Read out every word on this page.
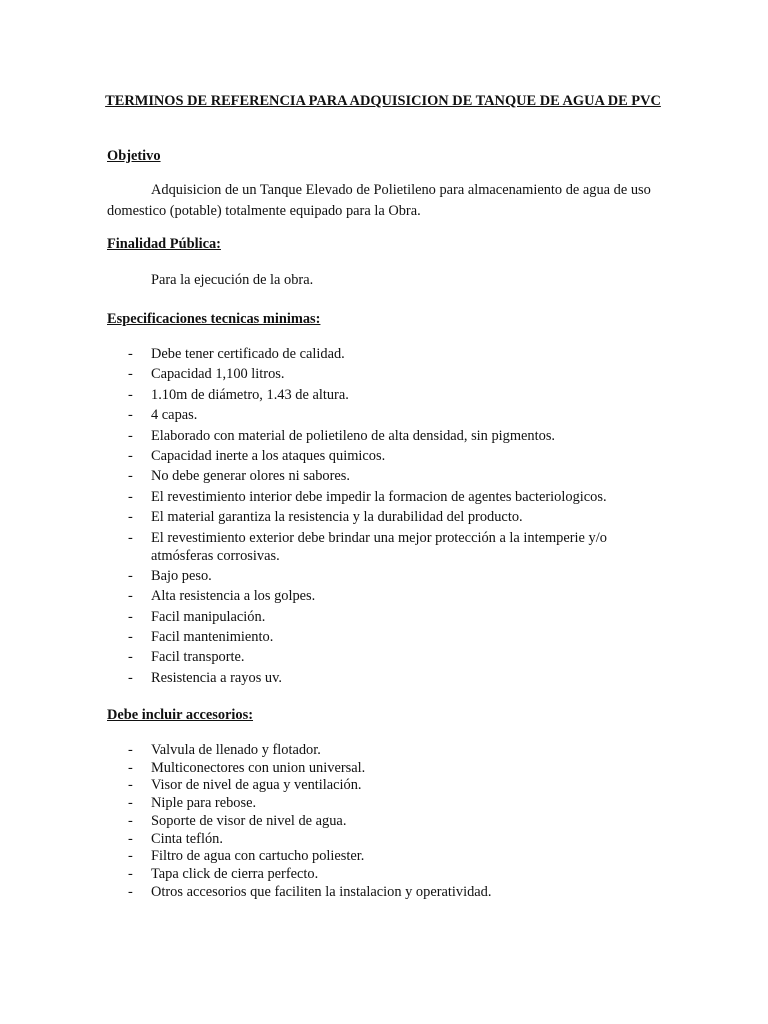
TERMINOS DE REFERENCIA PARA ADQUISICION DE TANQUE DE AGUA DE PVC
Objetivo
Adquisicion de un Tanque Elevado de Polietileno para almacenamiento de agua de uso domestico (potable) totalmente equipado para la Obra.
Finalidad Pública:
Para la ejecución de la obra.
Especificaciones tecnicas minimas:
- Debe tener certificado de calidad.
- Capacidad 1,100 litros.
- 1.10m de diámetro, 1.43 de altura.
- 4 capas.
- Elaborado con material de polietileno de alta densidad, sin pigmentos.
- Capacidad inerte a los ataques quimicos.
- No debe generar olores ni sabores.
- El revestimiento interior debe impedir la formacion de agentes bacteriologicos.
- El material garantiza la resistencia y la durabilidad del producto.
- El revestimiento exterior debe brindar una mejor protección a la intemperie y/o atmósferas corrosivas.
- Bajo peso.
- Alta resistencia a los golpes.
- Facil manipulación.
- Facil mantenimiento.
- Facil transporte.
- Resistencia a rayos uv.
Debe incluir accesorios:
- Valvula de llenado y flotador.
- Multiconectores con union universal.
- Visor de nivel de agua y ventilación.
- Niple para rebose.
- Soporte de visor de nivel de agua.
- Cinta teflón.
- Filtro de agua con cartucho poliester.
- Tapa click de cierra perfecto.
- Otros accesorios que faciliten la instalacion y operatividad.
